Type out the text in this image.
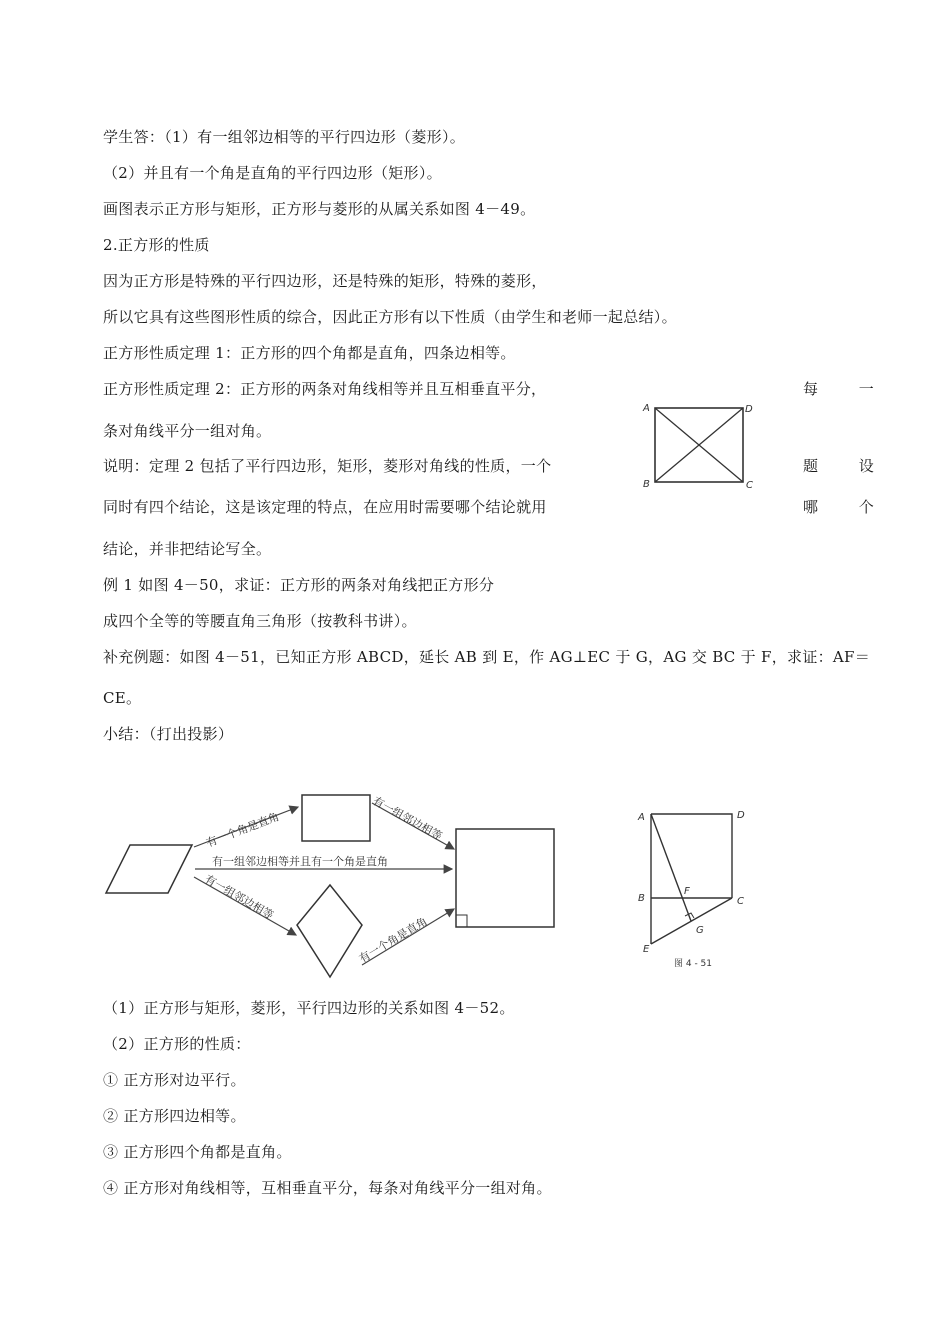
学生答：（1）有一组邻边相等的平行四边形（菱形）。
（2）并且有一个角是直角的平行四边形（矩形）。
画图表示正方形与矩形，正方形与菱形的从属关系如图 4－49。
2.正方形的性质
因为正方形是特殊的平行四边形，还是特殊的矩形，特殊的菱形，
所以它具有这些图形性质的综合，因此正方形有以下性质（由学生和老师一起总结）。
正方形性质定理 1：正方形的四个角都是直角，四条边相等。
正方形性质定理 2：正方形的两条对角线相等并且互相垂直平分，	每 一
条对角线平分一组对角。
说明：定理 2 包括了平行四边形，矩形，菱形对角线的性质，一个	题 设
同时有四个结论，这是该定理的特点，在应用时需要哪个结论就用	哪 个
结论，并非把结论写全。
例 1 如图 4－50，求证：正方形的两条对角线把正方形分
成四个全等的等腰直角三角形（按教科书讲）。
补充例题：如图 4－51，已知正方形 ABCD，延长 AB 到 E，作 AG⊥EC 于 G，AG 交 BC 于 F，求证：AF＝
CE。
小结：（打出投影）
（1）正方形与矩形，菱形，平行四边形的关系如图 4－52。
（2）正方形的性质：
① 正方形对边平行。
② 正方形四边相等。
③ 正方形四个角都是直角。
④ 正方形对角线相等，互相垂直平分，每条对角线平分一组对角。
A	D
B	C
有一个角是直角	有一组邻边相等
有一组邻边相等并且有一个角是直角
有一组邻边相等
有一个角是直角
A	D
B
F
C
G
E
图 4 - 51
